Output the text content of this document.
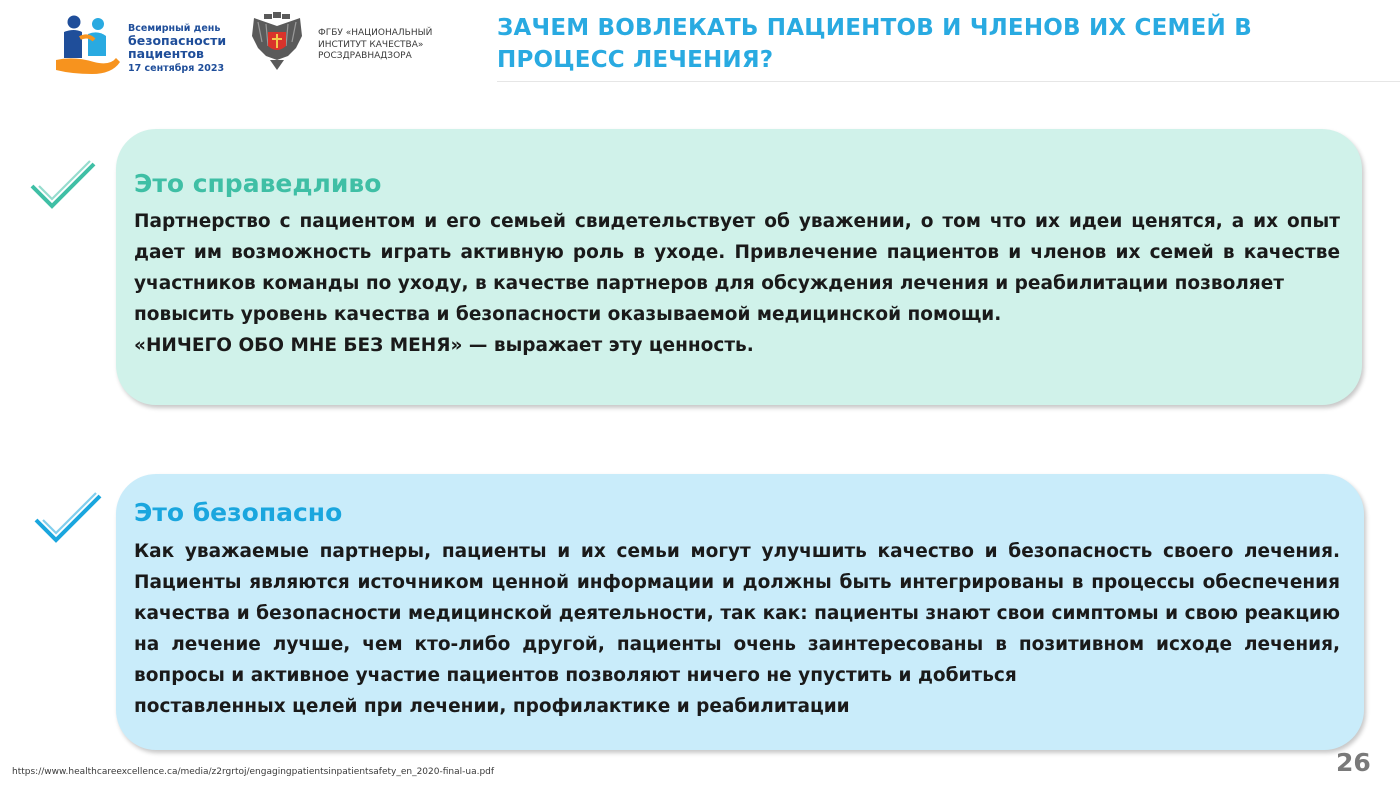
Всемирный день
безопасности
пациентов
17 сентября 2023
ФГБУ «НАЦИОНАЛЬНЫЙ
ИНСТИТУТ КАЧЕСТВА»
РОСЗДРАВНАДЗОРА
ЗАЧЕМ ВОВЛЕКАТЬ ПАЦИЕНТОВ И ЧЛЕНОВ ИХ СЕМЕЙ В
ПРОЦЕСС ЛЕЧЕНИЯ?
Это справедливо
Партнерство с пациентом и его семьей свидетельствует об уважении, о том что их идеи ценятся, а их опыт дает им возможность играть активную роль в уходе. Привлечение пациентов и членов их семей в качестве участников команды по уходу, в качестве партнеров для обсуждения лечения и реабилитации позволяет
повысить уровень качества и безопасности оказываемой медицинской помощи.
«НИЧЕГО ОБО МНЕ БЕЗ МЕНЯ» — выражает эту ценность.
Это безопасно
Как уважаемые партнеры, пациенты и их семьи могут улучшить качество и безопасность своего лечения. Пациенты являются источником ценной информации и должны быть интегрированы в процессы обеспечения качества и безопасности медицинской деятельности, так как: пациенты знают свои симптомы и свою реакцию на лечение лучше, чем кто-либо другой, пациенты очень заинтересованы в позитивном исходе лечения, вопросы и активное участие пациентов позволяют ничего не упустить и добиться
поставленных целей при лечении, профилактике и реабилитации
https://www.healthcareexcellence.ca/media/z2rgrtoj/engagingpatientsinpatientsafety_en_2020-final-ua.pdf	26
